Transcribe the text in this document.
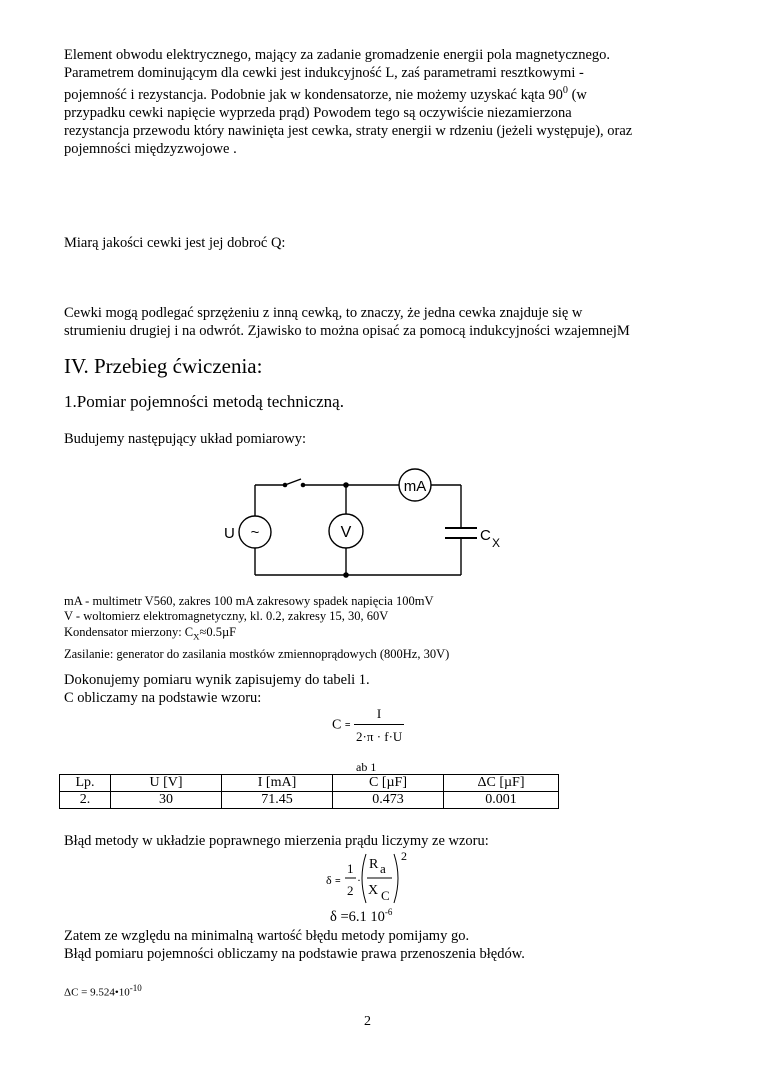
Element obwodu elektrycznego, mający za zadanie gromadzenie energii pola magnetycznego.
Parametrem dominującym dla cewki jest indukcyjność L, zaś parametrami resztkowymi -
pojemność i rezystancja. Podobnie jak w kondensatorze, nie możemy uzyskać kąta $90^0$ (w
przypadku cewki napięcie wyprzeda prąd) Powodem tego są oczywiście niezamierzona
rezystancja przewodu który nawinięta jest cewka, straty energii w rdzeniu (jeżeli występuje), oraz
pojemności międzyzwojowe .
Miarą jakości cewki jest jej dobroć Q:
Cewki mogą podlegać sprzężeniu z inną cewką, to znaczy, że jedna cewka znajduje się w
strumieniu drugiej i na odwrót. Zjawisko to można opisać za pomocą indukcyjności wzajemnejM
IV. Przebieg ćwiczenia:
1.Pomiar pojemności metodą techniczną.
Budujemy następujący układ pomiarowy:
mA
V
~
U	C X
mA - multimetr V560, zakres 100 mA zakresowy spadek napięcia 100mV
V - woltomierz elektromagnetyczny, kl. 0.2, zakresy 15, 30, 60V
Kondensator mierzony: $C_X\approx 0.5\mu F$
Zasilanie: generator do zasilania mostków zmiennoprądowych (800Hz, 30V)
Dokonujemy pomiaru wynik zapisujemy do tabeli 1.
C obliczamy na podstawie wzoru:
$C = \frac{I}{2\cdot\pi \cdot f\cdot U}$
ab 1
Lp.	U [V]	I [mA]	C [µF]	ΔC [µF]
2.	30	71.45	0.473	0.001
Błąd metody w układzie poprawnego mierzenia prądu liczymy ze wzoru:
δ =
1
2
·
R a
X C
2
δ =6.1 $10^{-6}$
Zatem ze względu na minimalną wartość błędu metody pomijamy go.
Błąd pomiaru pojemności obliczamy na podstawie prawa przenoszenia błędów.
$\Delta C = 9.524•10^{-10}$
2
